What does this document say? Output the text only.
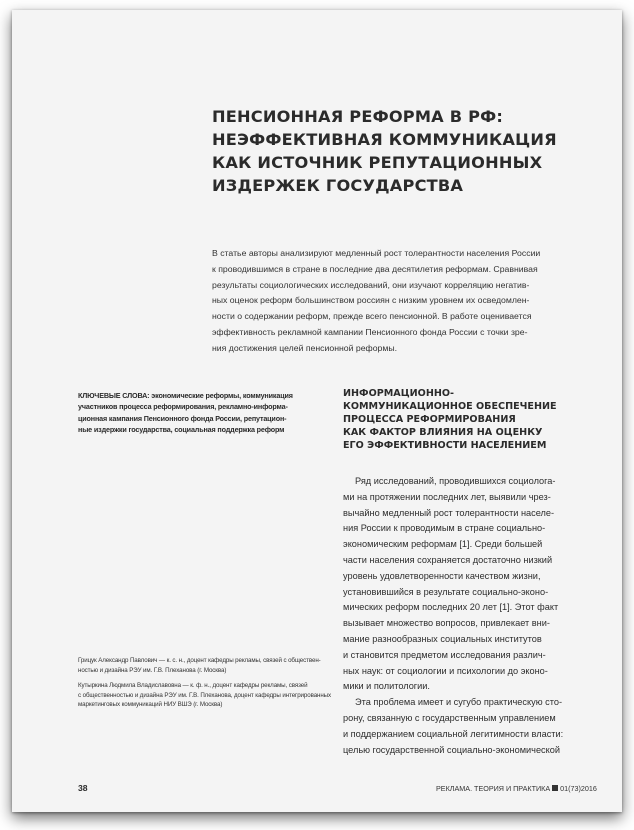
ПЕНСИОННАЯ РЕФОРМА В РФ:
НЕЭФФЕКТИВНАЯ КОММУНИКАЦИЯ
КАК ИСТОЧНИК РЕПУТАЦИОННЫХ
ИЗДЕРЖЕК ГОСУДАРСТВА
В статье авторы анализируют медленный рост толерантности населения России
к проводившимся в стране в последние два десятилетия реформам. Сравнивая
результаты социологических исследований, они изучают корреляцию негатив-
ных оценок реформ большинством россиян с низким уровнем их осведомлен-
ности о содержании реформ, прежде всего пенсионной. В работе оценивается
эффективность рекламной кампании Пенсионного фонда России с точки зре-
ния достижения целей пенсионной реформы.
КЛЮЧЕВЫЕ СЛОВА: экономические реформы, коммуникация
участников процесса реформирования, рекламно-информа-
ционная кампания Пенсионного фонда России, репутацион-
ные издержки государства, социальная поддержка реформ
ИНФОРМАЦИОННО-
КОММУНИКАЦИОННОЕ ОБЕСПЕЧЕНИЕ
ПРОЦЕССА РЕФОРМИРОВАНИЯ
КАК ФАКТОР ВЛИЯНИЯ НА ОЦЕНКУ
ЕГО ЭФФЕКТИВНОСТИ НАСЕЛЕНИЕМ
Ряд исследований, проводившихся социолога-
ми на протяжении последних лет, выявили чрез-
вычайно медленный рост толерантности населе-
ния России к проводимым в стране социально-
экономическим реформам [1]. Среди большей
части населения сохраняется достаточно низкий
уровень удовлетворенности качеством жизни,
установившийся в результате социально-эконо-
мических реформ последних 20 лет [1]. Этот факт
вызывает множество вопросов, привлекает вни-
мание разнообразных социальных институтов
и становится предметом исследования различ-
ных наук: от социологии и психологии до эконо-
мики и политологии.
Эта проблема имеет и сугубо практическую сто-
рону, связанную с государственным управлением
и поддержанием социальной легитимности власти:
целью государственной социально-экономической
Грицук Александр Павлович — к. с. н., доцент кафедры рекламы, связей с обществен-
ностью и дизайна РЭУ им. Г.В. Плеханова (г. Москва)
Кутыркина Людмила Владиславовна — к. ф. н., доцент кафедры рекламы, связей
с общественностью и дизайна РЭУ им. Г.В. Плеханова, доцент кафедры интегрированных
маркетинговых коммуникаций НИУ ВШЭ (г. Москва)
38	РЕКЛАМА. ТЕОРИЯ И ПРАКТИКА 01(73)2016
